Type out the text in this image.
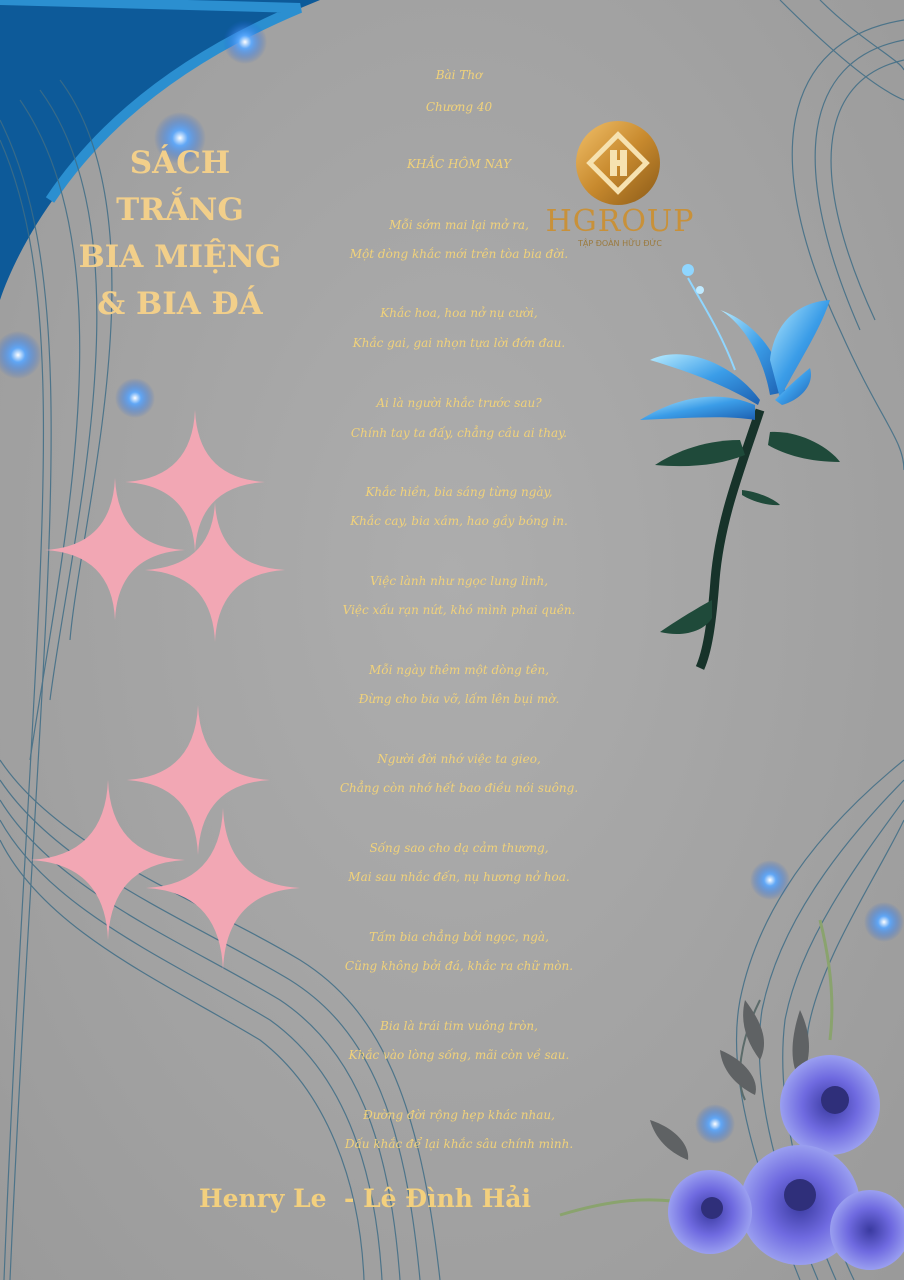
SÁCH
TRẮNG
BIA MIỆNG
& BIA ĐÁ
HGROUP
TẬP ĐOÀN HỮU ĐỨC
Bài Thơ
Chương 40
KHẮC HÔM NAY
Mỗi sớm mai lại mở ra,
Một dòng khắc mới trên tòa bia đời.
Khắc hoa, hoa nở nụ cười,
Khắc gai, gai nhọn tựa lời đớn đau.
Ai là người khắc trước sau?
Chính tay ta đấy, chẳng cầu ai thay.
Khắc hiền, bia sáng từng ngày,
Khắc cay, bia xám, hao gầy bóng in.
Việc lành như ngọc lung linh,
Việc xấu rạn nứt, khó mình phai quên.
Mỗi ngày thêm một dòng tên,
Đừng cho bia vỡ, lấm lên bụi mờ.
Người đời nhớ việc ta gieo,
Chẳng còn nhớ hết bao điều nói suông.
Sống sao cho dạ cảm thương,
Mai sau nhắc đến, nụ hương nở hoa.
Tấm bia chẳng bởi ngọc, ngà,
Cũng không bởi đá, khắc ra chữ mòn.
Bia là trái tim vuông tròn,
Khắc vào lòng sống, mãi còn về sau.
Đường đời rộng hẹp khác nhau,
Dấu khắc để lại khắc sâu chính mình.
Henry Le  - Lê Đình Hải
